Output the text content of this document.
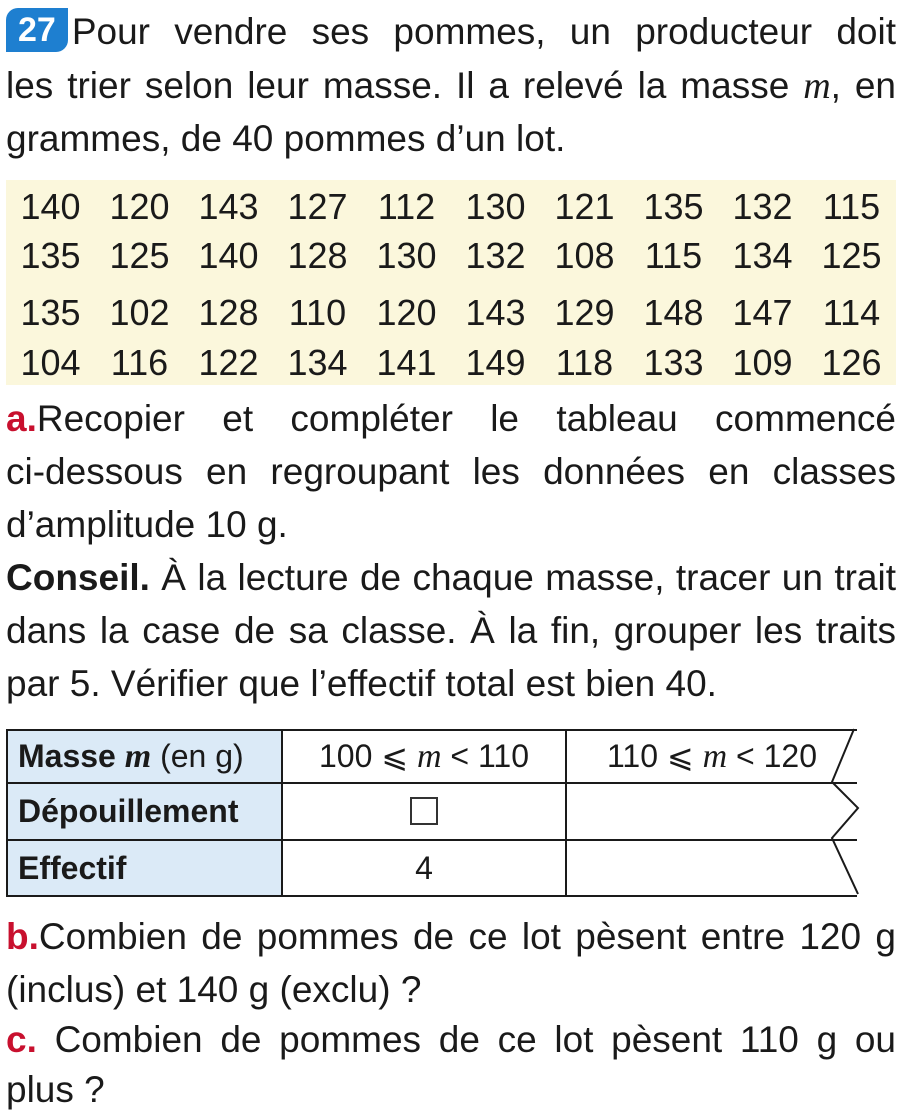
27 Pour vendre ses pommes, un producteur doit
les trier selon leur masse. Il a relevé la masse m, en
grammes, de 40 pommes d’un lot.
140 120 143 127 112 130 121 135 132 115
135 125 140 128 130 132 108 115 134 125
135 102 128 110 120 143 129 148 147 114
104 116 122 134 141 149 118 133 109 126
a.Recopier et compléter le tableau commencé
ci-dessous en regroupant les données en classes
d’amplitude 10 g.
Conseil. À la lecture de chaque masse, tracer un trait
dans la case de sa classe. À la fin, grouper les traits
par 5. Vérifier que l’effectif total est bien 40.
Masse m (en g)	100 ⩽ m < 110	110 ⩽ m < 120
Dépouillement		
Effectif	4	
b.Combien de pommes de ce lot pèsent entre 120 g
(inclus) et 140 g (exclu) ?
c. Combien de pommes de ce lot pèsent 110 g ou
plus ?
